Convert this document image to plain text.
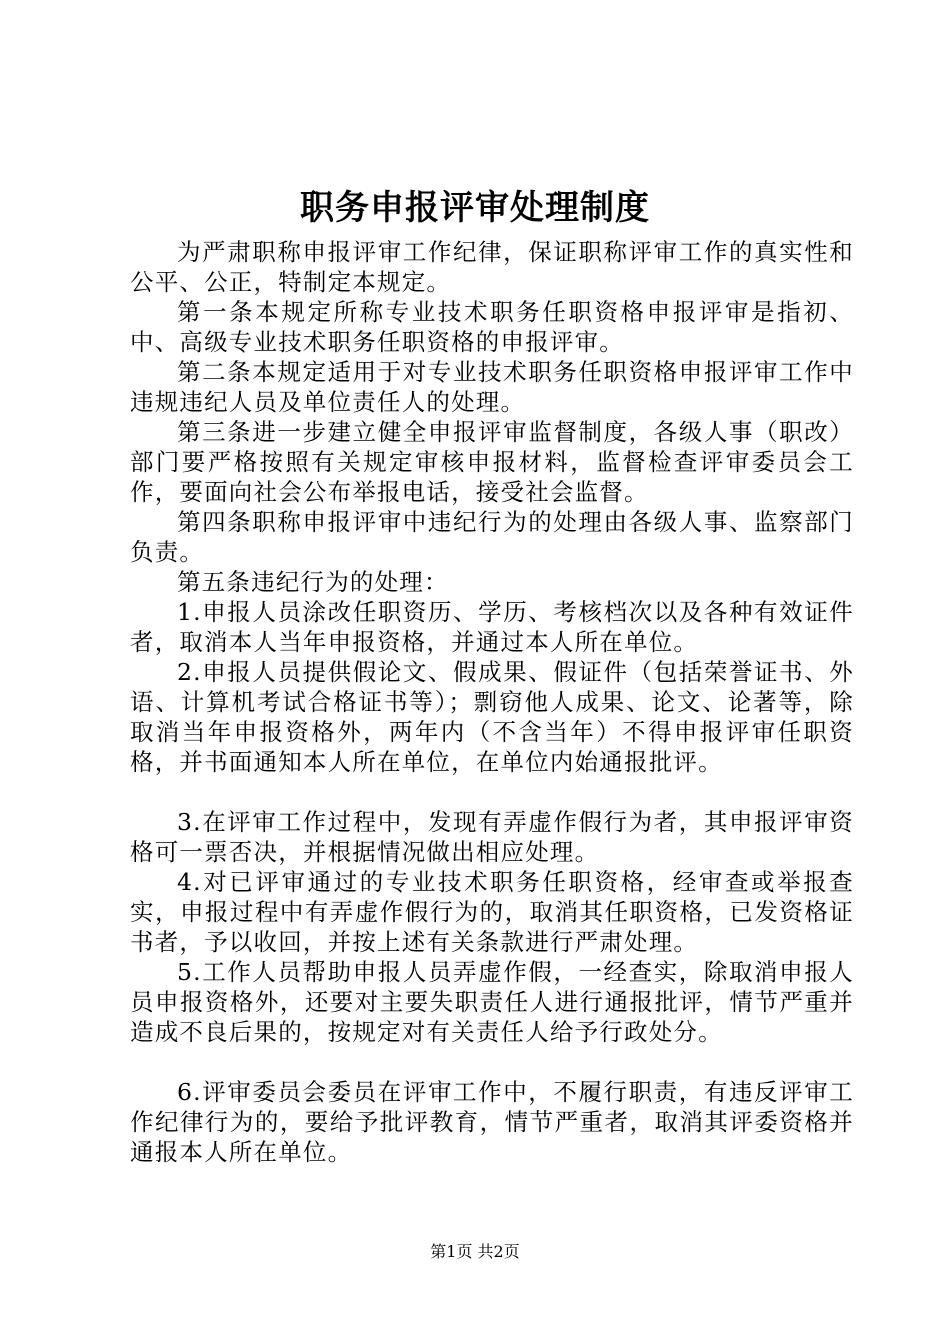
职务申报评审处理制度

为严肃职称申报评审工作纪律，保证职称评审工作的真实性和公平、公正，特制定本规定。

第一条本规定所称专业技术职务任职资格申报评审是指初、中、高级专业技术职务任职资格的申报评审。

第二条本规定适用于对专业技术职务任职资格申报评审工作中违规违纪人员及单位责任人的处理。

第三条进一步建立健全申报评审监督制度，各级人事（职改）部门要严格按照有关规定审核申报材料，监督检查评审委员会工作，要面向社会公布举报电话，接受社会监督。

第四条职称申报评审中违纪行为的处理由各级人事、监察部门负责。

第五条违纪行为的处理：

1.申报人员涂改任职资历、学历、考核档次以及各种有效证件者，取消本人当年申报资格，并通过本人所在单位。

2.申报人员提供假论文、假成果、假证件（包括荣誉证书、外语、计算机考试合格证书等）；剽窃他人成果、论文、论著等，除取消当年申报资格外，两年内（不含当年）不得申报评审任职资格，并书面通知本人所在单位，在单位内始通报批评。

3.在评审工作过程中，发现有弄虚作假行为者，其申报评审资格可一票否决，并根据情况做出相应处理。

4.对已评审通过的专业技术职务任职资格，经审查或举报查实，申报过程中有弄虚作假行为的，取消其任职资格，已发资格证书者，予以收回，并按上述有关条款进行严肃处理。

5.工作人员帮助申报人员弄虚作假，一经查实，除取消申报人员申报资格外，还要对主要失职责任人进行通报批评，情节严重并造成不良后果的，按规定对有关责任人给予行政处分。

6.评审委员会委员在评审工作中，不履行职责，有违反评审工作纪律行为的，要给予批评教育，情节严重者，取消其评委资格并通报本人所在单位。

第1页 共2页
